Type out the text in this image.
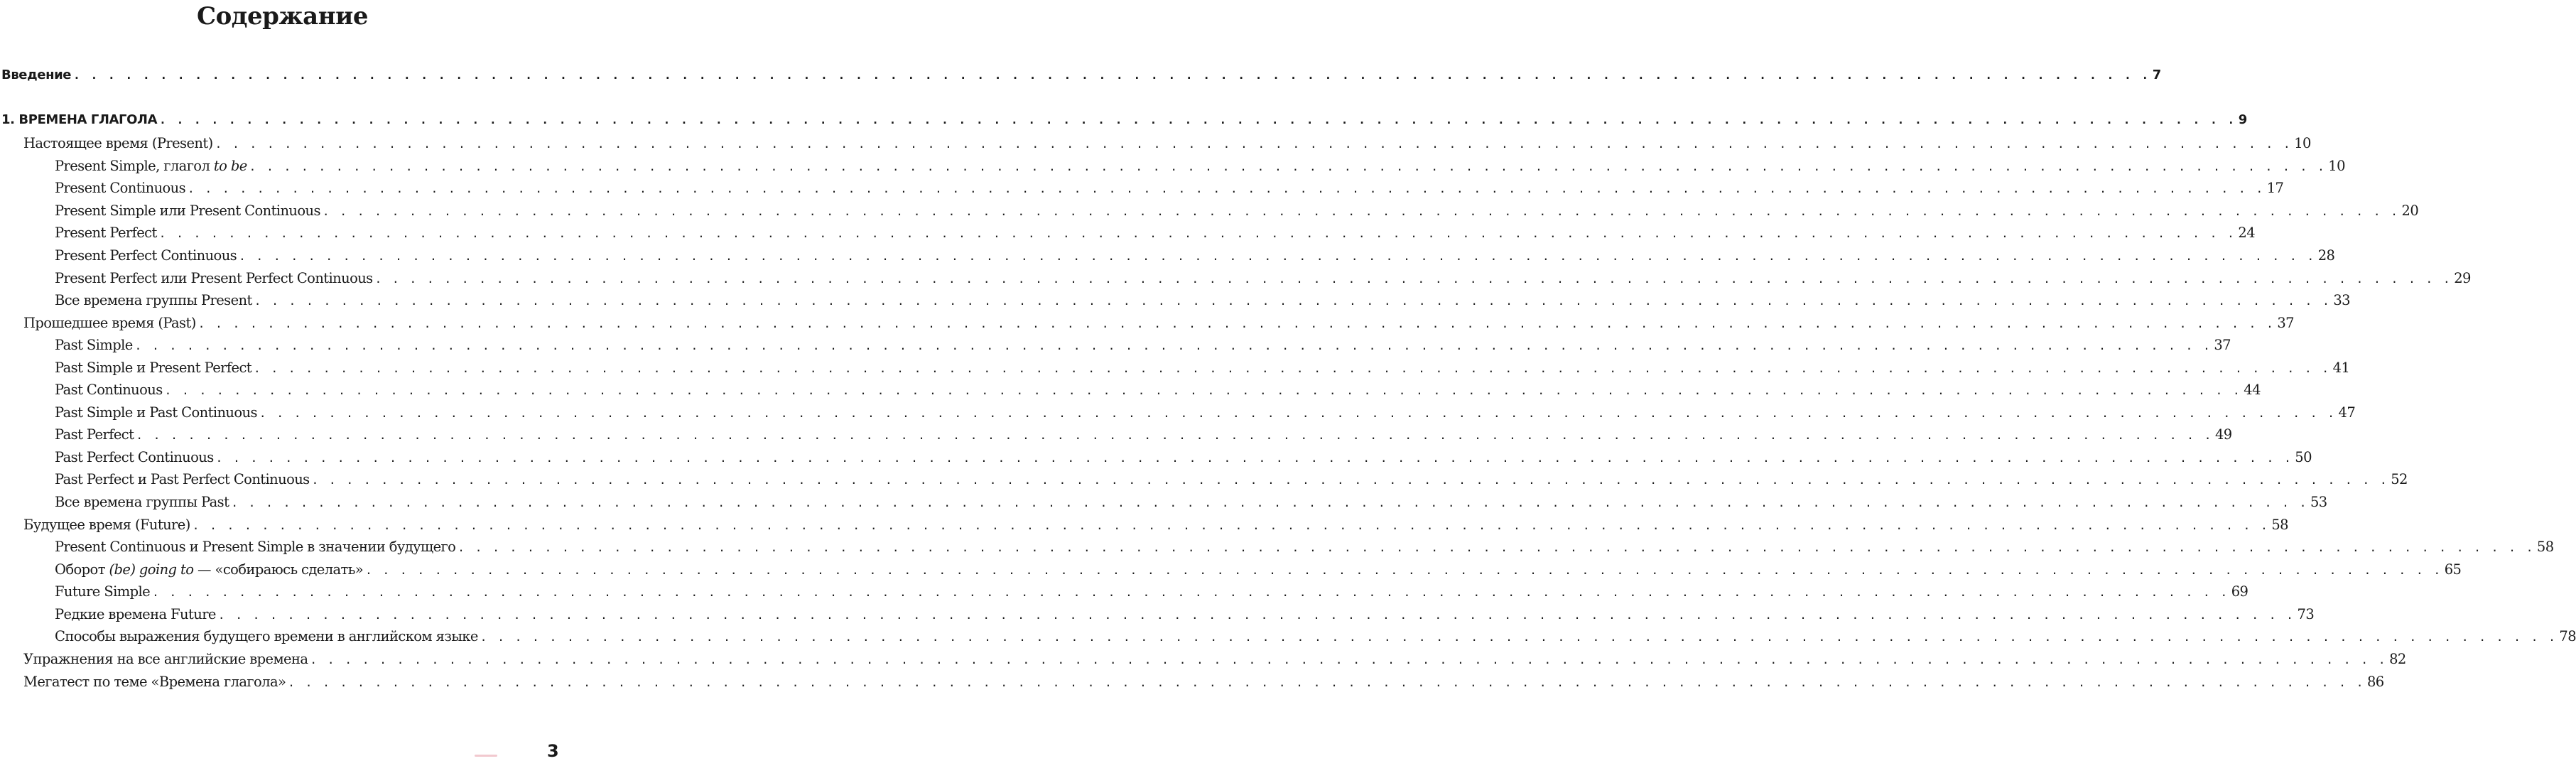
Содержание
Введение . . . . . . . . . . . . . . . . . . . . . . . . . . . . . . . . . . . . . . . . . . . . . . . . . . . . . . . . . . . . . . . . . . . . . . . . . . . . . . . . . . . . . . . . . . . . . . . . . . . . . . . . . . . . . . . . . . . . . . . . 7
1. ВРЕМЕНА ГЛАГОЛА . . . . . . . . . . . . . . . . . . . . . . . . . . . . . . . . . . . . . . . . . . . . . . . . . . . . . . . . . . . . . . . . . . . . . . . . . . . . . . . . . . . . . . . . . . . . . . . . . . . . . . . . . . . . . . . . . . . . . . . . 9
Настоящее время (Present) . . . . . . . . . . . . . . . . . . . . . . . . . . . . . . . . . . . . . . . . . . . . . . . . . . . . . . . . . . . . . . . . . . . . . . . . . . . . . . . . . . . . . . . . . . . . . . . . . . . . . . . . . . . . . . . . . . . . . . . . 10
Present Simple, глагол to be . . . . . . . . . . . . . . . . . . . . . . . . . . . . . . . . . . . . . . . . . . . . . . . . . . . . . . . . . . . . . . . . . . . . . . . . . . . . . . . . . . . . . . . . . . . . . . . . . . . . . . . . . . . . . . . . . . . . . . . . 10
Present Continuous . . . . . . . . . . . . . . . . . . . . . . . . . . . . . . . . . . . . . . . . . . . . . . . . . . . . . . . . . . . . . . . . . . . . . . . . . . . . . . . . . . . . . . . . . . . . . . . . . . . . . . . . . . . . . . . . . . . . . . . . 17
Present Simple или Present Continuous . . . . . . . . . . . . . . . . . . . . . . . . . . . . . . . . . . . . . . . . . . . . . . . . . . . . . . . . . . . . . . . . . . . . . . . . . . . . . . . . . . . . . . . . . . . . . . . . . . . . . . . . . . . . . . . . . . . . . . . . 20
Present Perfect . . . . . . . . . . . . . . . . . . . . . . . . . . . . . . . . . . . . . . . . . . . . . . . . . . . . . . . . . . . . . . . . . . . . . . . . . . . . . . . . . . . . . . . . . . . . . . . . . . . . . . . . . . . . . . . . . . . . . . . . 24
Present Perfect Continuous . . . . . . . . . . . . . . . . . . . . . . . . . . . . . . . . . . . . . . . . . . . . . . . . . . . . . . . . . . . . . . . . . . . . . . . . . . . . . . . . . . . . . . . . . . . . . . . . . . . . . . . . . . . . . . . . . . . . . . . . 28
Present Perfect или Present Perfect Continuous . . . . . . . . . . . . . . . . . . . . . . . . . . . . . . . . . . . . . . . . . . . . . . . . . . . . . . . . . . . . . . . . . . . . . . . . . . . . . . . . . . . . . . . . . . . . . . . . . . . . . . . . . . . . . . . . . . . . . . . . 29
Все времена группы Present . . . . . . . . . . . . . . . . . . . . . . . . . . . . . . . . . . . . . . . . . . . . . . . . . . . . . . . . . . . . . . . . . . . . . . . . . . . . . . . . . . . . . . . . . . . . . . . . . . . . . . . . . . . . . . . . . . . . . . . . 33
Прошедшее время (Past) . . . . . . . . . . . . . . . . . . . . . . . . . . . . . . . . . . . . . . . . . . . . . . . . . . . . . . . . . . . . . . . . . . . . . . . . . . . . . . . . . . . . . . . . . . . . . . . . . . . . . . . . . . . . . . . . . . . . . . . . 37
Past Simple . . . . . . . . . . . . . . . . . . . . . . . . . . . . . . . . . . . . . . . . . . . . . . . . . . . . . . . . . . . . . . . . . . . . . . . . . . . . . . . . . . . . . . . . . . . . . . . . . . . . . . . . . . . . . . . . . . . . . . . . 37
Past Simple и Present Perfect . . . . . . . . . . . . . . . . . . . . . . . . . . . . . . . . . . . . . . . . . . . . . . . . . . . . . . . . . . . . . . . . . . . . . . . . . . . . . . . . . . . . . . . . . . . . . . . . . . . . . . . . . . . . . . . . . . . . . . . . 41
Past Continuous . . . . . . . . . . . . . . . . . . . . . . . . . . . . . . . . . . . . . . . . . . . . . . . . . . . . . . . . . . . . . . . . . . . . . . . . . . . . . . . . . . . . . . . . . . . . . . . . . . . . . . . . . . . . . . . . . . . . . . . . 44
Past Simple и Past Continuous . . . . . . . . . . . . . . . . . . . . . . . . . . . . . . . . . . . . . . . . . . . . . . . . . . . . . . . . . . . . . . . . . . . . . . . . . . . . . . . . . . . . . . . . . . . . . . . . . . . . . . . . . . . . . . . . . . . . . . . . 47
Past Perfect . . . . . . . . . . . . . . . . . . . . . . . . . . . . . . . . . . . . . . . . . . . . . . . . . . . . . . . . . . . . . . . . . . . . . . . . . . . . . . . . . . . . . . . . . . . . . . . . . . . . . . . . . . . . . . . . . . . . . . . . 49
Past Perfect Continuous . . . . . . . . . . . . . . . . . . . . . . . . . . . . . . . . . . . . . . . . . . . . . . . . . . . . . . . . . . . . . . . . . . . . . . . . . . . . . . . . . . . . . . . . . . . . . . . . . . . . . . . . . . . . . . . . . . . . . . . . 50
Past Perfect и Past Perfect Continuous . . . . . . . . . . . . . . . . . . . . . . . . . . . . . . . . . . . . . . . . . . . . . . . . . . . . . . . . . . . . . . . . . . . . . . . . . . . . . . . . . . . . . . . . . . . . . . . . . . . . . . . . . . . . . . . . . . . . . . . . 52
Все времена группы Past . . . . . . . . . . . . . . . . . . . . . . . . . . . . . . . . . . . . . . . . . . . . . . . . . . . . . . . . . . . . . . . . . . . . . . . . . . . . . . . . . . . . . . . . . . . . . . . . . . . . . . . . . . . . . . . . . . . . . . . . 53
Будущее время (Future) . . . . . . . . . . . . . . . . . . . . . . . . . . . . . . . . . . . . . . . . . . . . . . . . . . . . . . . . . . . . . . . . . . . . . . . . . . . . . . . . . . . . . . . . . . . . . . . . . . . . . . . . . . . . . . . . . . . . . . . . 58
Present Continuous и Present Simple в значении будущего . . . . . . . . . . . . . . . . . . . . . . . . . . . . . . . . . . . . . . . . . . . . . . . . . . . . . . . . . . . . . . . . . . . . . . . . . . . . . . . . . . . . . . . . . . . . . . . . . . . . . . . . . . . . . . . . . . . . . . . . 58
Оборот (be) going to — «собираюсь сделать» . . . . . . . . . . . . . . . . . . . . . . . . . . . . . . . . . . . . . . . . . . . . . . . . . . . . . . . . . . . . . . . . . . . . . . . . . . . . . . . . . . . . . . . . . . . . . . . . . . . . . . . . . . . . . . . . . . . . . . . . 65
Future Simple . . . . . . . . . . . . . . . . . . . . . . . . . . . . . . . . . . . . . . . . . . . . . . . . . . . . . . . . . . . . . . . . . . . . . . . . . . . . . . . . . . . . . . . . . . . . . . . . . . . . . . . . . . . . . . . . . . . . . . . . 69
Редкие времена Future . . . . . . . . . . . . . . . . . . . . . . . . . . . . . . . . . . . . . . . . . . . . . . . . . . . . . . . . . . . . . . . . . . . . . . . . . . . . . . . . . . . . . . . . . . . . . . . . . . . . . . . . . . . . . . . . . . . . . . . . 73
Способы выражения будущего времени в английском языке . . . . . . . . . . . . . . . . . . . . . . . . . . . . . . . . . . . . . . . . . . . . . . . . . . . . . . . . . . . . . . . . . . . . . . . . . . . . . . . . . . . . . . . . . . . . . . . . . . . . . . . . . . . . . . . . . . . . . . . . 78
Упражнения на все английские времена . . . . . . . . . . . . . . . . . . . . . . . . . . . . . . . . . . . . . . . . . . . . . . . . . . . . . . . . . . . . . . . . . . . . . . . . . . . . . . . . . . . . . . . . . . . . . . . . . . . . . . . . . . . . . . . . . . . . . . . . 82
Мегатест по теме «Времена глагола» . . . . . . . . . . . . . . . . . . . . . . . . . . . . . . . . . . . . . . . . . . . . . . . . . . . . . . . . . . . . . . . . . . . . . . . . . . . . . . . . . . . . . . . . . . . . . . . . . . . . . . . . . . . . . . . . . . . . . . . . 86
3
